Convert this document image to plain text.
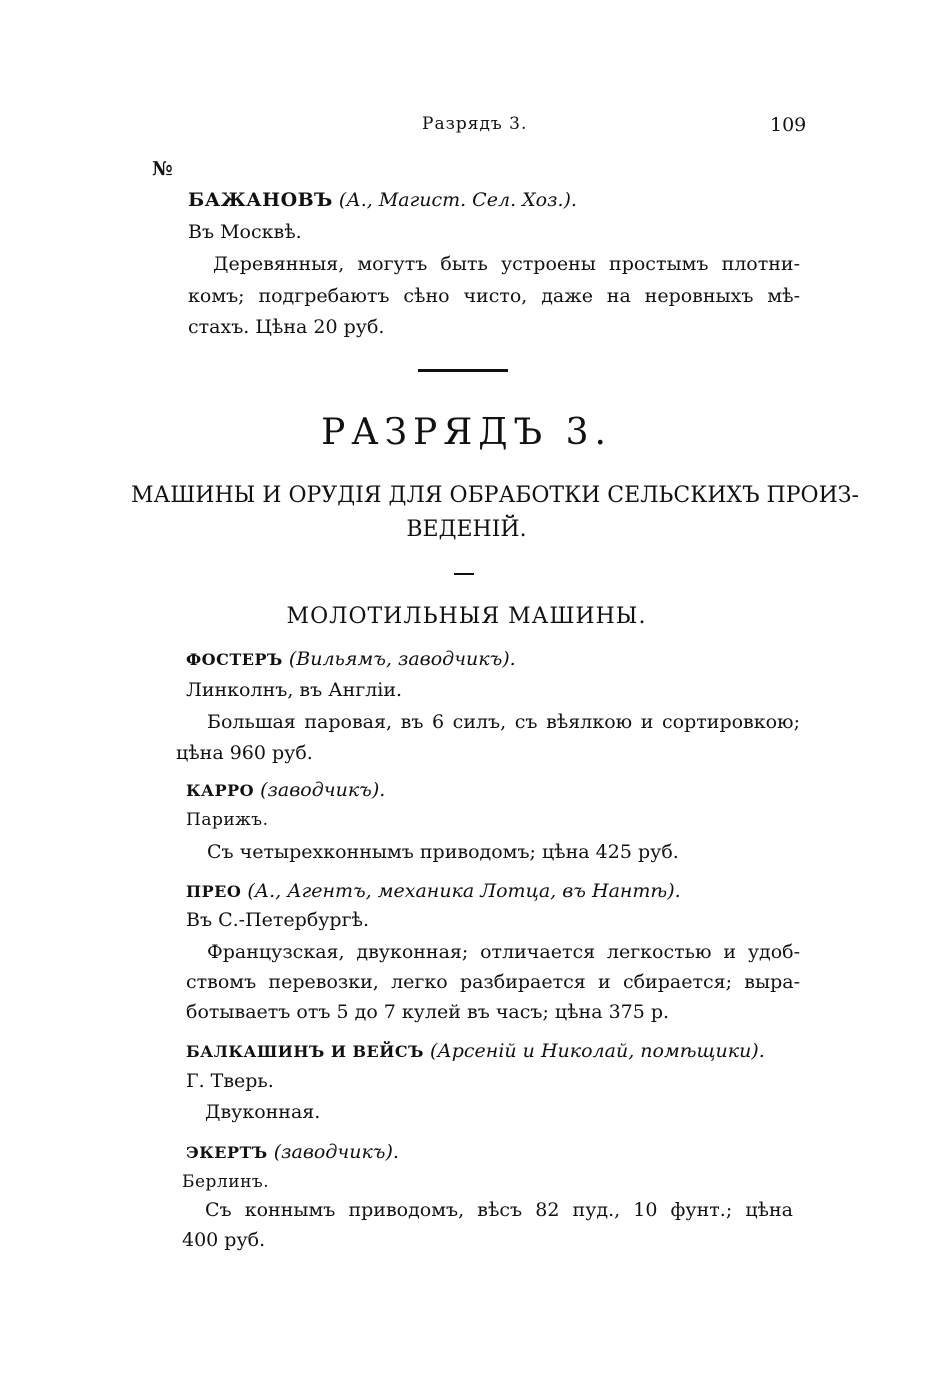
Разрядъ 3.	109
№
БАЖАНОВЪ (А., Магист. Сел. Хоз.).
Въ Москвѣ.
Деревянныя, могутъ быть устроены простымъ плотни-
комъ; подгребаютъ сѣно чисто, даже на неровныхъ мѣ-
стахъ. Цѣна 20 руб.
РАЗРЯДЪ 3.
МАШИНЫ И ОРУДІЯ ДЛЯ ОБРАБОТКИ СЕЛЬСКИХЪ ПРОИЗ-
ВЕДЕНІЙ.
МОЛОТИЛЬНЫЯ МАШИНЫ.
ФОСТЕРЪ (Вильямъ, заводчикъ).
Линколнъ, въ Англіи.
Большая паровая, въ 6 силъ, съ вѣялкою и сортировкою;
цѣна 960 руб.
КАРРО (заводчикъ).
Парижъ.
Съ четырехконнымъ приводомъ; цѣна 425 руб.
ПРЕО (А., Агентъ, механика Лотца, въ Нантѣ).
Въ С.-Петербургѣ.
Французская, двуконная; отличается легкостью и удоб-
ствомъ перевозки, легко разбирается и сбирается; выра-
ботываетъ отъ 5 до 7 кулей въ часъ; цѣна 375 р.
БАЛКАШИНЪ И ВЕЙСЪ (Арсеній и Николай, помѣщики).
Г. Тверь.
Двуконная.
ЭКЕРТЪ (заводчикъ).
Берлинъ.
Съ коннымъ приводомъ, вѣсъ 82 пуд., 10 фунт.; цѣна
400 руб.
